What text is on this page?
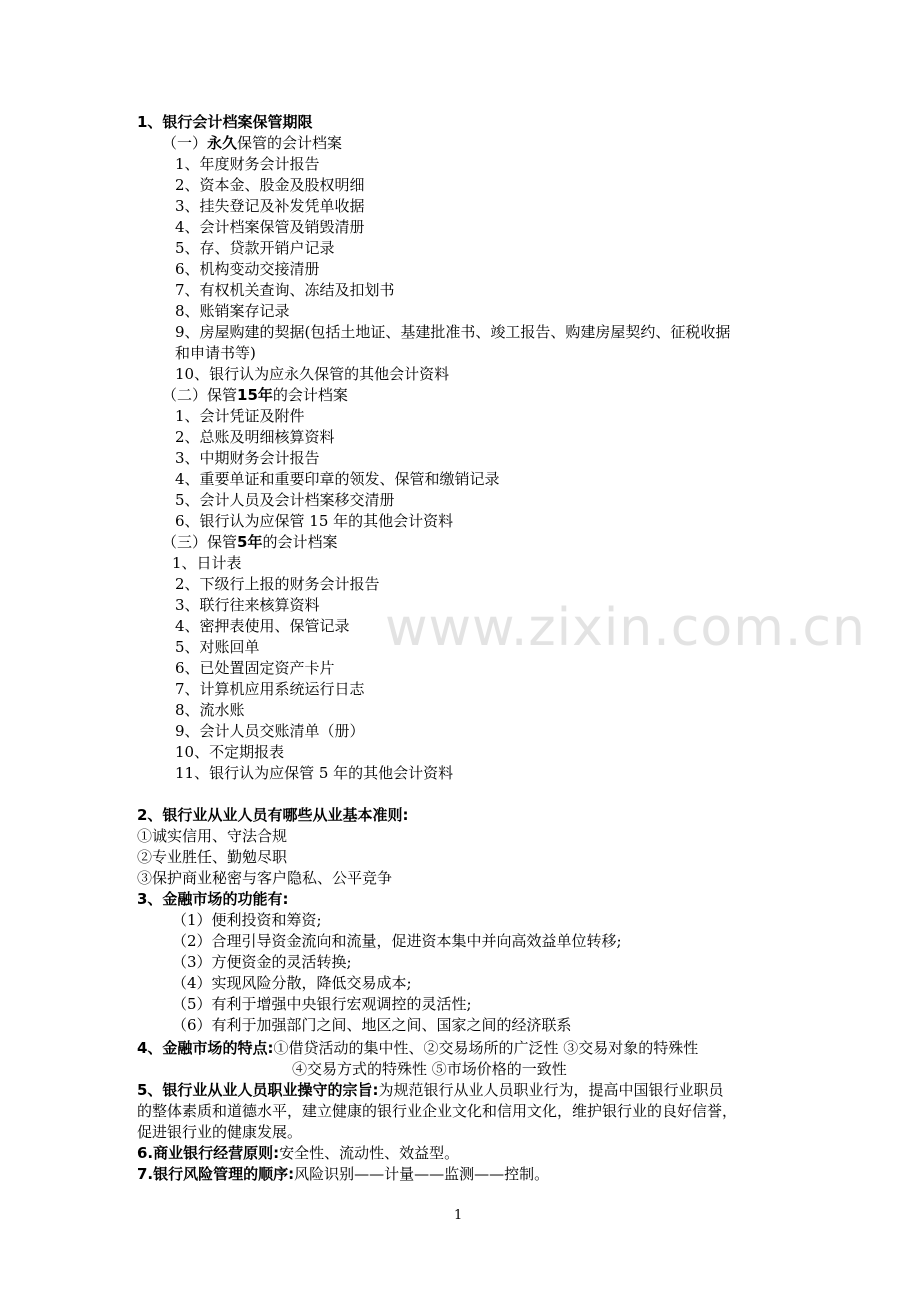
www.zixin.com.cn
1、银行会计档案保管期限
（一）永久保管的会计档案
1、年度财务会计报告
2、资本金、股金及股权明细
3、挂失登记及补发凭单收据
4、会计档案保管及销毁清册
5、存、贷款开销户记录
6、机构变动交接清册
7、有权机关查询、冻结及扣划书
8、账销案存记录
9、房屋购建的契据(包括土地证、基建批准书、竣工报告、购建房屋契约、征税收据
和申请书等)
10、银行认为应永久保管的其他会计资料
（二）保管15年的会计档案
1、会计凭证及附件
2、总账及明细核算资料
3、中期财务会计报告
4、重要单证和重要印章的领发、保管和缴销记录
5、会计人员及会计档案移交清册
6、银行认为应保管 15 年的其他会计资料
（三）保管5年的会计档案
1、日计表
2、下级行上报的财务会计报告
3、联行往来核算资料
4、密押表使用、保管记录
5、对账回单
6、已处置固定资产卡片
7、计算机应用系统运行日志
8、流水账
9、会计人员交账清单（册）
10、不定期报表
11、银行认为应保管 5 年的其他会计资料
2、银行业从业人员有哪些从业基本准则:
①诚实信用、守法合规
②专业胜任、勤勉尽职
③保护商业秘密与客户隐私、公平竞争
3、金融市场的功能有:
（1）便利投资和筹资;
（2）合理引导资金流向和流量，促进资本集中并向高效益单位转移;
（3）方便资金的灵活转换;
（4）实现风险分散，降低交易成本;
（5）有利于增强中央银行宏观调控的灵活性;
（6）有利于加强部门之间、地区之间、国家之间的经济联系
4、金融市场的特点:①借贷活动的集中性、②交易场所的广泛性 ③交易对象的特殊性
④交易方式的特殊性 ⑤市场价格的一致性
5、银行业从业人员职业操守的宗旨:为规范银行从业人员职业行为，提高中国银行业职员
的整体素质和道德水平，建立健康的银行业企业文化和信用文化，维护银行业的良好信誉，
促进银行业的健康发展。
6.商业银行经营原则:安全性、流动性、效益型。
7.银行风险管理的顺序:风险识别——计量——监测——控制。
1
